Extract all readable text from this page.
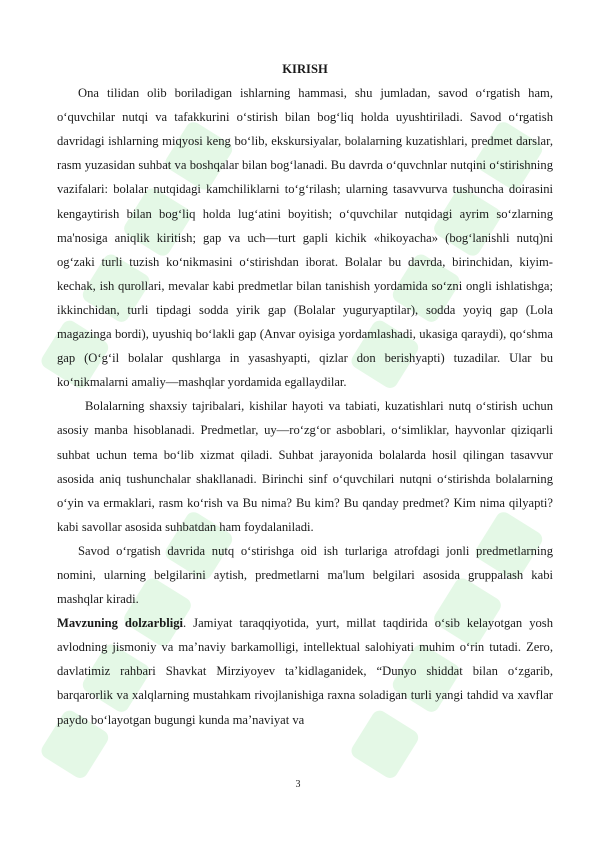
KIRISH

Ona tilidan olib boriladigan ishlarning hammasi, shu jumladan, savod o‘rgatish ham, o‘quvchilar nutqi va tafakkurini o‘stirish bilan bog‘liq holda uyushtiriladi. Savod o‘rgatish davridagi ishlarning miqyosi keng bo‘lib, ekskursiyalar, bolalarning kuzatishlari, predmet darslar, rasm yuzasidan suhbat va boshqalar bilan bog‘lanadi. Bu davrda o‘quvchnlar nutqini o‘stirishning vazifalari: bolalar nutqidagi kamchiliklarni to‘g‘rilash; ularning tasavvurva tushuncha doirasini kengaytirish bilan bog‘liq holda lug‘atini boyitish; o‘quvchilar nutqidagi ayrim so‘zlarning ma'nosiga aniqlik kiritish; gap va uch—turt gapli kichik «hikoyacha» (bog‘lanishli nutq)ni og‘zaki turli tuzish ko‘nikmasini o‘stirishdan iborat. Bolalar bu davrda, birinchidan, kiyim-kechak, ish qurollari, mevalar kabi predmetlar bilan tanishish yordamida so‘zni ongli ishlatishga; ikkinchidan, turli tipdagi sodda yirik gap (Bolalar yuguryaptilar), sodda yoyiq gap (Lola magazinga bordi), uyushiq bo‘lakli gap (Anvar oyisiga yordamlashadi, ukasiga qaraydi), qo‘shma gap (O‘g‘il bolalar qushlarga in yasashyapti, qizlar don berishyapti) tuzadilar. Ular bu ko‘nikmalarni amaliy—mashqlar yordamida egallaydilar.

Bolalarning shaxsiy tajribalari, kishilar hayoti va tabiati, kuzatishlari nutq o‘stirish uchun asosiy manba hisoblanadi. Predmetlar, uy—ro‘zg‘or asboblari, o‘simliklar, hayvonlar qiziqarli suhbat uchun tema bo‘lib xizmat qiladi. Suhbat jarayonida bolalarda hosil qilingan tasavvur asosida aniq tushunchalar shakllanadi. Birinchi sinf o‘quvchilari nutqni o‘stirishda bolalarning o‘yin va ermaklari, rasm ko‘rish va Bu nima? Bu kim? Bu qanday predmet? Kim nima qilyapti? kabi savollar asosida suhbatdan ham foydalaniladi.

Savod o‘rgatish davrida nutq o‘stirishga oid ish turlariga atrofdagi jonli predmetlarning nomini, ularning belgilarini aytish, predmetlarni ma'lum belgilari asosida gruppalash kabi mashqlar kiradi.

Mavzuning dolzarbligi. Jamiyat taraqqiyotida, yurt, millat taqdirida o‘sib kelayotgan yosh avlodning jismoniy va ma’naviy barkamolligi, intellektual salohiyati muhim o‘rin tutadi. Zero, davlatimiz rahbari Shavkat Mirziyoyev ta’kidlaganidek, “Dunyo shiddat bilan o‘zgarib, barqarorlik va xalqlarning mustahkam rivojlanishiga raxna soladigan turli yangi tahdid va xavflar paydo bo‘layotgan bugungi kunda ma’naviyat va

3
